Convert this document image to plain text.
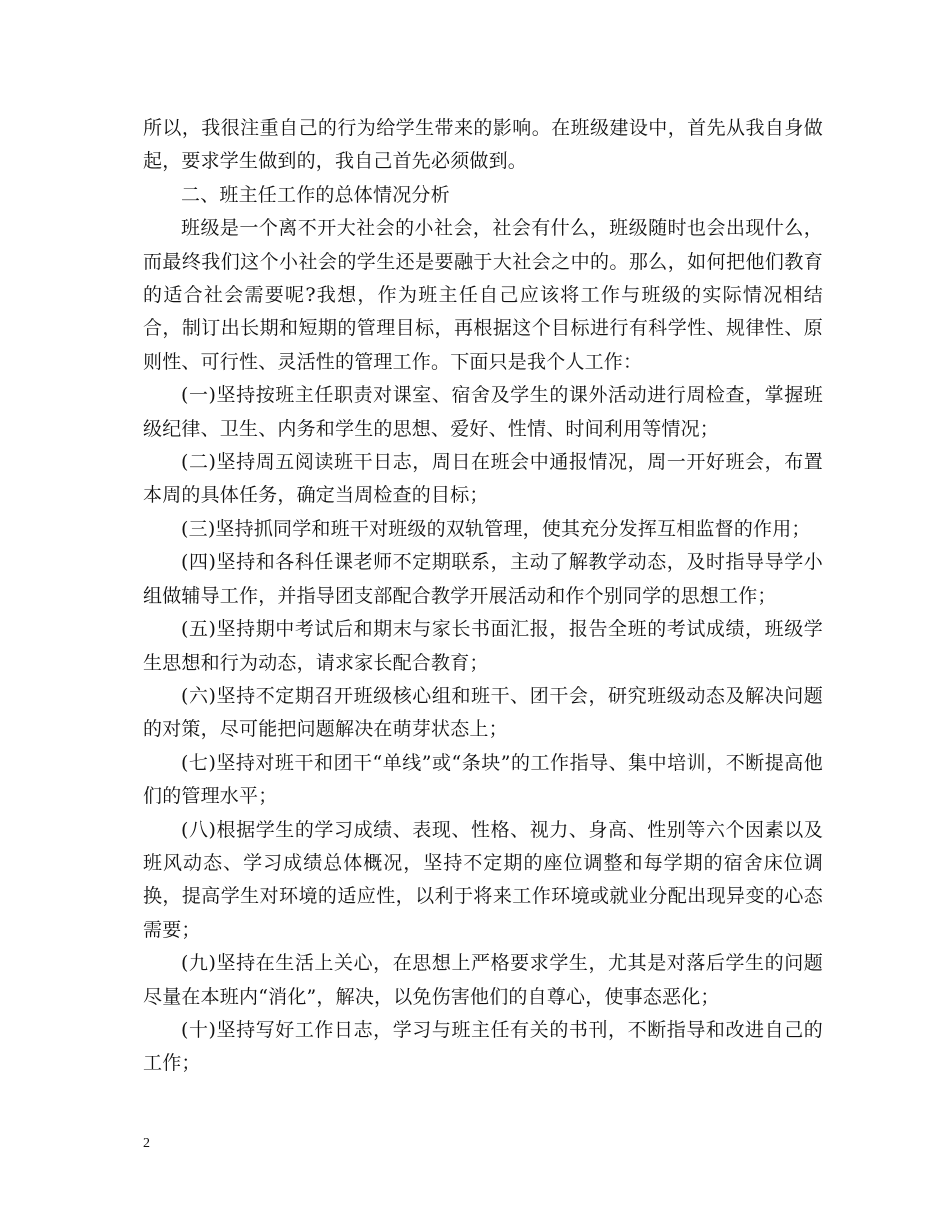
所以，我很注重自己的行为给学生带来的影响。在班级建设中，首先从我自身做起，要求学生做到的，我自己首先必须做到。

二、班主任工作的总体情况分析

班级是一个离不开大社会的小社会，社会有什么，班级随时也会出现什么，而最终我们这个小社会的学生还是要融于大社会之中的。那么，如何把他们教育的适合社会需要呢?我想，作为班主任自己应该将工作与班级的实际情况相结合，制订出长期和短期的管理目标，再根据这个目标进行有科学性、规律性、原则性、可行性、灵活性的管理工作。下面只是我个人工作：

(一)坚持按班主任职责对课室、宿舍及学生的课外活动进行周检查，掌握班级纪律、卫生、内务和学生的思想、爱好、性情、时间利用等情况；

(二)坚持周五阅读班干日志，周日在班会中通报情况，周一开好班会，布置本周的具体任务，确定当周检查的目标；

(三)坚持抓同学和班干对班级的双轨管理，使其充分发挥互相监督的作用；

(四)坚持和各科任课老师不定期联系，主动了解教学动态，及时指导导学小组做辅导工作，并指导团支部配合教学开展活动和作个别同学的思想工作；

(五)坚持期中考试后和期末与家长书面汇报，报告全班的考试成绩，班级学生思想和行为动态，请求家长配合教育；

(六)坚持不定期召开班级核心组和班干、团干会，研究班级动态及解决问题的对策，尽可能把问题解决在萌芽状态上；

(七)坚持对班干和团干“单线”或“条块”的工作指导、集中培训，不断提高他们的管理水平；

(八)根据学生的学习成绩、表现、性格、视力、身高、性别等六个因素以及班风动态、学习成绩总体概况，坚持不定期的座位调整和每学期的宿舍床位调换，提高学生对环境的适应性，以利于将来工作环境或就业分配出现异变的心态需要；

(九)坚持在生活上关心，在思想上严格要求学生，尤其是对落后学生的问题尽量在本班内“消化”，解决，以免伤害他们的自尊心，使事态恶化；

(十)坚持写好工作日志，学习与班主任有关的书刊，不断指导和改进自己的工作；

2
